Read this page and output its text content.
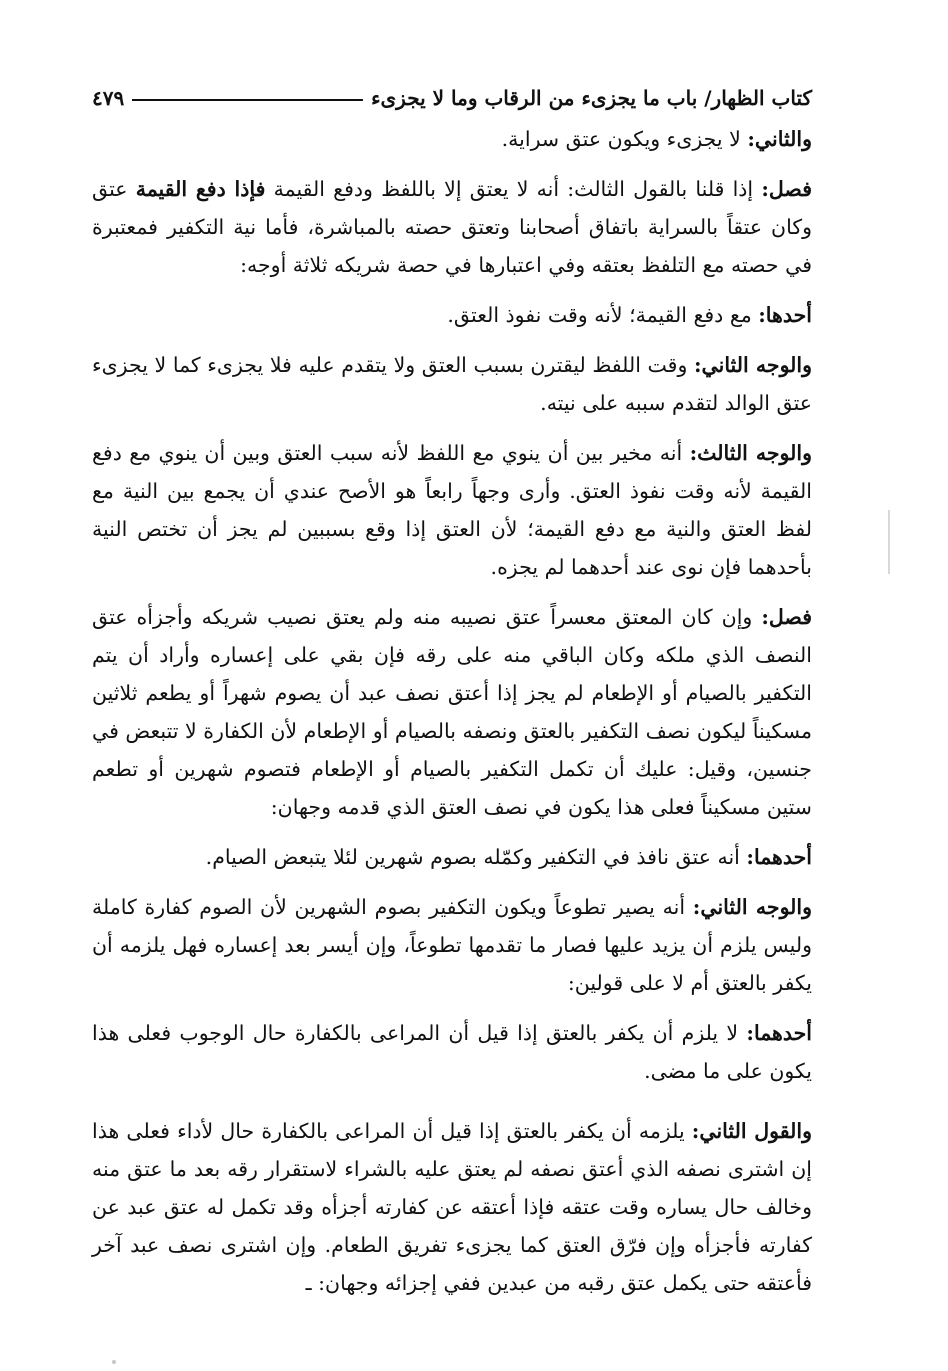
كتاب الظهار/ باب ما يجزىء من الرقاب وما لا يجزىء
٤٧٩

والثاني: لا يجزىء ويكون عتق سراية.

فصل: إذا قلنا بالقول الثالث: أنه لا يعتق إلا باللفظ ودفع القيمة فإذا دفع القيمة عتق وكان عتقاً بالسراية باتفاق أصحابنا وتعتق حصته بالمباشرة، فأما نية التكفير فمعتبرة في حصته مع التلفظ بعتقه وفي اعتبارها في حصة شريكه ثلاثة أوجه:

أحدها: مع دفع القيمة؛ لأنه وقت نفوذ العتق.

والوجه الثاني: وقت اللفظ ليقترن بسبب العتق ولا يتقدم عليه فلا يجزىء كما لا يجزىء عتق الوالد لتقدم سببه على نيته.

والوجه الثالث: أنه مخير بين أن ينوي مع اللفظ لأنه سبب العتق وبين أن ينوي مع دفع القيمة لأنه وقت نفوذ العتق. وأرى وجهاً رابعاً هو الأصح عندي أن يجمع بين النية مع لفظ العتق والنية مع دفع القيمة؛ لأن العتق إذا وقع بسببين لم يجز أن تختص النية بأحدهما فإن نوى عند أحدهما لم يجزه.

فصل: وإن كان المعتق معسراً عتق نصيبه منه ولم يعتق نصيب شريكه وأجزأه عتق النصف الذي ملكه وكان الباقي منه على رقه فإن بقي على إعساره وأراد أن يتم التكفير بالصيام أو الإطعام لم يجز إذا أعتق نصف عبد أن يصوم شهراً أو يطعم ثلاثين مسكيناً ليكون نصف التكفير بالعتق ونصفه بالصيام أو الإطعام لأن الكفارة لا تتبعض في جنسين، وقيل: عليك أن تكمل التكفير بالصيام أو الإطعام فتصوم شهرين أو تطعم ستين مسكيناً فعلى هذا يكون في نصف العتق الذي قدمه وجهان:

أحدهما: أنه عتق نافذ في التكفير وكمّله بصوم شهرين لئلا يتبعض الصيام.

والوجه الثاني: أنه يصير تطوعاً ويكون التكفير بصوم الشهرين لأن الصوم كفارة كاملة وليس يلزم أن يزيد عليها فصار ما تقدمها تطوعاً، وإن أيسر بعد إعساره فهل يلزمه أن يكفر بالعتق أم لا على قولين:

أحدهما: لا يلزم أن يكفر بالعتق إذا قيل أن المراعى بالكفارة حال الوجوب فعلى هذا يكون على ما مضى.

والقول الثاني: يلزمه أن يكفر بالعتق إذا قيل أن المراعى بالكفارة حال لأداء فعلى هذا إن اشترى نصفه الذي أعتق نصفه لم يعتق عليه بالشراء لاستقرار رقه بعد ما عتق منه وخالف حال يساره وقت عتقه فإذا أعتقه عن كفارته أجزأه وقد تكمل له عتق عبد عن كفارته فأجزأه وإن فرّق العتق كما يجزىء تفريق الطعام. وإن اشترى نصف عبد آخر فأعتقه حتى يكمل عتق رقبه من عبدين ففي إجزائه وجهان: ـ
